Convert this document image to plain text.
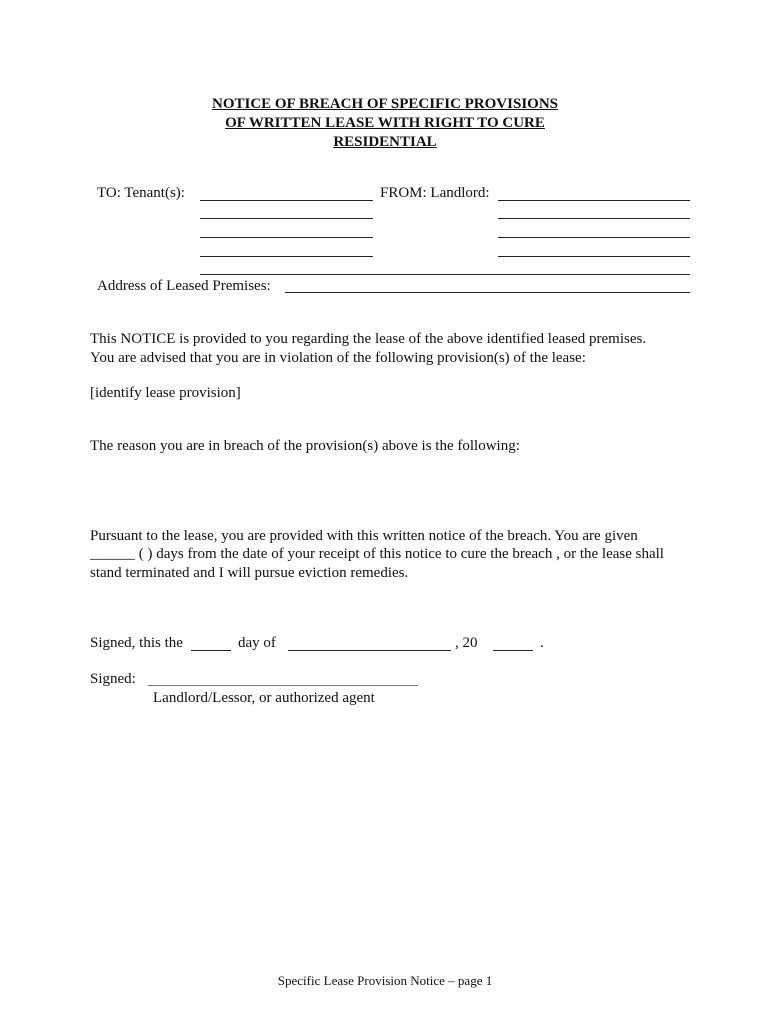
NOTICE OF BREACH OF SPECIFIC PROVISIONS
OF WRITTEN LEASE WITH RIGHT TO CURE
RESIDENTIAL
TO: Tenant(s):	FROM: Landlord:
Address of Leased Premises:
This NOTICE is provided to you regarding the lease of the above identified leased premises.
You are advised that you are in violation of the following provision(s) of the lease:
[identify lease provision]
The reason you are in breach of the provision(s) above is the following:
Pursuant to the lease, you are provided with this written notice of the breach. You are given
______ ( ) days from the date of your receipt of this notice to cure the breach , or the lease shall
stand terminated and I will pursue eviction remedies.
Signed, this the	day of	, 20	.
Signed:
Landlord/Lessor, or authorized agent
Specific Lease Provision Notice – page 1
